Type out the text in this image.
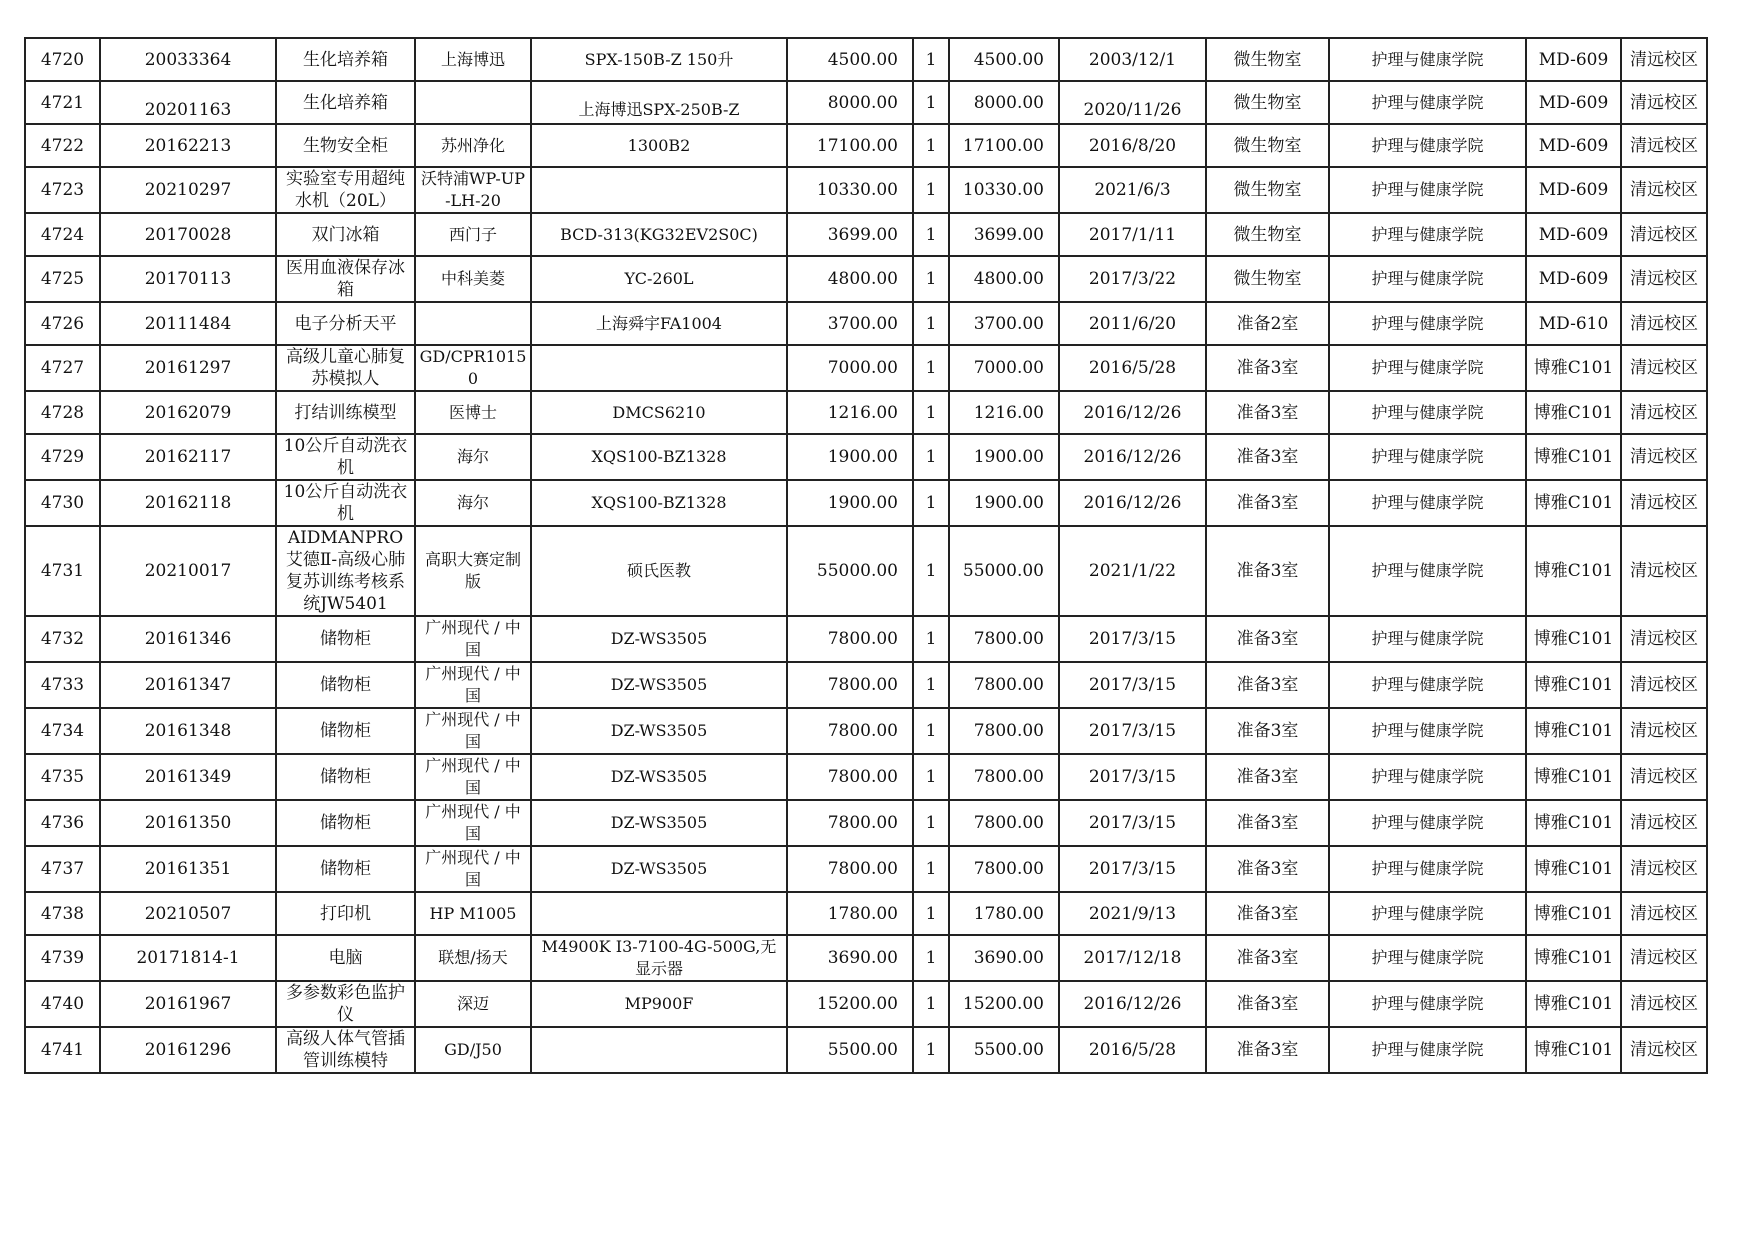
4720	20033364	生化培养箱	上海博迅	SPX-150B-Z 150升	4500.00	1	4500.00	2003/12/1	微生物室	护理与健康学院	MD-609	清远校区
4721	20201163	生化培养箱		上海博迅SPX-250B-Z	8000.00	1	8000.00	2020/11/26	微生物室	护理与健康学院	MD-609	清远校区
4722	20162213	生物安全柜	苏州净化	1300B2	17100.00	1	17100.00	2016/8/20	微生物室	护理与健康学院	MD-609	清远校区
4723	20210297	实验室专用超纯水机（20L）	沃特浦WP-UP-LH-20		10330.00	1	10330.00	2021/6/3	微生物室	护理与健康学院	MD-609	清远校区
4724	20170028	双门冰箱	西门子	BCD-313(KG32EV2S0C)	3699.00	1	3699.00	2017/1/11	微生物室	护理与健康学院	MD-609	清远校区
4725	20170113	医用血液保存冰箱	中科美菱	YC-260L	4800.00	1	4800.00	2017/3/22	微生物室	护理与健康学院	MD-609	清远校区
4726	20111484	电子分析天平		上海舜宇FA1004	3700.00	1	3700.00	2011/6/20	准备2室	护理与健康学院	MD-610	清远校区
4727	20161297	高级儿童心肺复苏模拟人	GD/CPR10150		7000.00	1	7000.00	2016/5/28	准备3室	护理与健康学院	博雅C101	清远校区
4728	20162079	打结训练模型	医博士	DMCS6210	1216.00	1	1216.00	2016/12/26	准备3室	护理与健康学院	博雅C101	清远校区
4729	20162117	10公斤自动洗衣机	海尔	XQS100-BZ1328	1900.00	1	1900.00	2016/12/26	准备3室	护理与健康学院	博雅C101	清远校区
4730	20162118	10公斤自动洗衣机	海尔	XQS100-BZ1328	1900.00	1	1900.00	2016/12/26	准备3室	护理与健康学院	博雅C101	清远校区
4731	20210017	AIDMANPRO 艾德Ⅱ-高级心肺复苏训练考核系统JW5401	高职大赛定制版	硕氏医教	55000.00	1	55000.00	2021/1/22	准备3室	护理与健康学院	博雅C101	清远校区
4732	20161346	储物柜	广州现代 / 中国	DZ-WS3505	7800.00	1	7800.00	2017/3/15	准备3室	护理与健康学院	博雅C101	清远校区
4733	20161347	储物柜	广州现代 / 中国	DZ-WS3505	7800.00	1	7800.00	2017/3/15	准备3室	护理与健康学院	博雅C101	清远校区
4734	20161348	储物柜	广州现代 / 中国	DZ-WS3505	7800.00	1	7800.00	2017/3/15	准备3室	护理与健康学院	博雅C101	清远校区
4735	20161349	储物柜	广州现代 / 中国	DZ-WS3505	7800.00	1	7800.00	2017/3/15	准备3室	护理与健康学院	博雅C101	清远校区
4736	20161350	储物柜	广州现代 / 中国	DZ-WS3505	7800.00	1	7800.00	2017/3/15	准备3室	护理与健康学院	博雅C101	清远校区
4737	20161351	储物柜	广州现代 / 中国	DZ-WS3505	7800.00	1	7800.00	2017/3/15	准备3室	护理与健康学院	博雅C101	清远校区
4738	20210507	打印机	HP M1005		1780.00	1	1780.00	2021/9/13	准备3室	护理与健康学院	博雅C101	清远校区
4739	20171814-1	电脑	联想/扬天	M4900K I3-7100-4G-500G,无显示器	3690.00	1	3690.00	2017/12/18	准备3室	护理与健康学院	博雅C101	清远校区
4740	20161967	多参数彩色监护仪	深迈	MP900F	15200.00	1	15200.00	2016/12/26	准备3室	护理与健康学院	博雅C101	清远校区
4741	20161296	高级人体气管插管训练模特	GD/J50		5500.00	1	5500.00	2016/5/28	准备3室	护理与健康学院	博雅C101	清远校区
